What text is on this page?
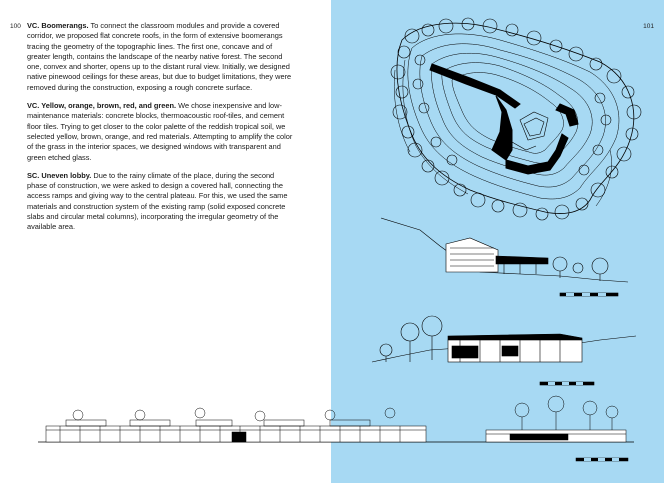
100	101

VC. Boomerangs. To connect the classroom modules and provide a covered corridor, we proposed flat concrete roofs, in the form of extensive boomerangs tracing the geometry of the topographic lines. The first one, concave and of greater length, contains the landscape of the nearby native forest. The second one, convex and shorter, opens up to the distant rural view. Initially, we designed native pinewood ceilings for these areas, but due to budget limitations, they were removed during the construction, exposing a rough concrete surface.

VC. Yellow, orange, brown, red, and green. We chose inexpensive and low-maintenance materials: concrete blocks, thermoacoustic roof-tiles, and cement floor tiles. Trying to get closer to the color palette of the reddish tropical soil, we selected yellow, brown, orange, and red materials. Attempting to amplify the color of the grass in the interior spaces, we designed windows with transparent and green etched glass.

SC. Uneven lobby. Due to the rainy climate of the place, during the second phase of construction, we were asked to design a covered hall, connecting the access ramps and giving way to the central plateau. For this, we used the same materials and construction system of the existing ramp (solid exposed concrete slabs and circular metal columns), incorporating the irregular geometry of the available area.
